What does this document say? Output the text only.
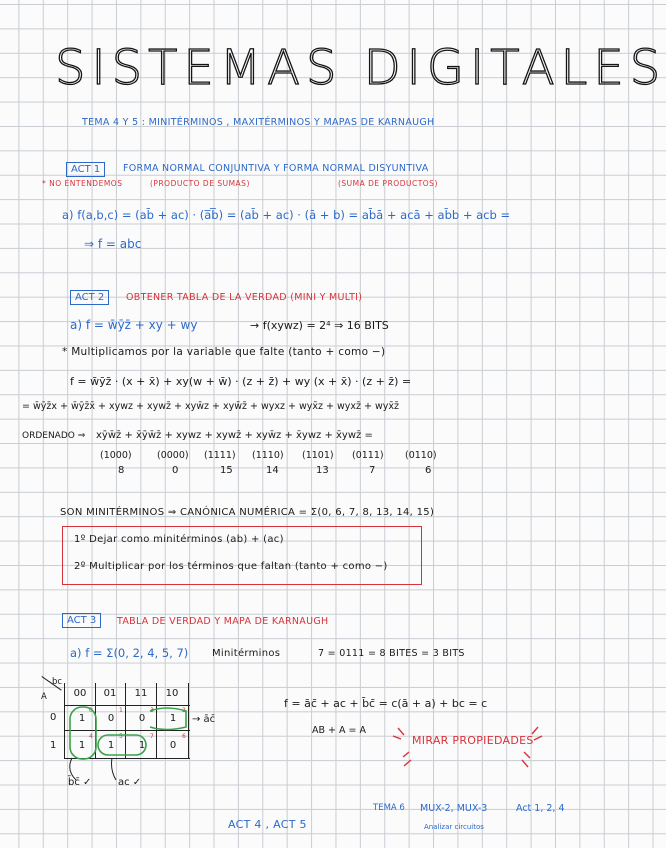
SISTEMAS DIGITALES
TEMA 4 Y 5 : MINITÉRMINOS , MAXITÉRMINOS Y MAPAS DE KARNAUGH
ACT 1	FORMA NORMAL CONJUNTIVA Y FORMA NORMAL DISYUNTIVA
* NO ENTENDEMOS	(PRODUCTO DE SUMAS)	(SUMA DE PRODUCTOS)
a) f(a,b,c) = (ab̄ + ac) · (a̅b̅) = (ab̄ + ac) · (ā + b) = ab̄ā + acā + ab̄b + acb =
⇒ f = abc
ACT 2	OBTENER TABLA DE LA VERDAD (MINI Y MULTI)
a) f = w̄ȳz̄ + xy + wy	→ f(xywz) = 2⁴ ⇒ 16 BITS
* Multiplicamos por la variable que falte (tanto + como −)
f = w̄ȳz̄ · (x + x̄) + xy(w + w̄) · (z + z̄) + wy (x + x̄) · (z + z̄) =
= w̄ȳz̄x + w̄ȳz̄x̄ + xywz + xywz̄ + xyw̄z + xyw̄z̄ + wyxz + wyx̄z + wyxz̄ + wyx̄z̄
ORDENADO ⇒ xȳw̄z̄ + x̄ȳw̄z̄ + xywz + xywz̄ + xyw̄z + x̄ywz + x̄ywz̄ =
(1000)	(0000) (1111) (1110) (1101) (0111) (0110)
8	0	15	14	13	7	6
SON MINITÉRMINOS ⇒ CANÓNICA NUMÉRICA = Σ(0, 6, 7, 8, 13, 14, 15)
1º Dejar como minitérminos (ab) + (ac)
2º Multiplicar por los términos que faltan (tanto + como −)
ACT 3	TABLA DE VERDAD Y MAPA DE KARNAUGH
a) f = Σ(0, 2, 4, 5, 7) Minitérminos	7 = 0111 = 8 BITES = 3 BITS
bc
A	00	01	11	10
0
1
1	0	0	1
1	1	1	0
0	1	3	2
4	5	7	6
→ āc̄
b̄c̄ ✓	ac ✓
f = āc̄ + ac + b̄c̄ = c(ā + a) + bc = c
AB + A = A
MIRAR PROPIEDADES
ACT 4 , ACT 5
TEMA 6 MUX-2, MUX-3	Act 1, 2, 4
Analizar circuitos
